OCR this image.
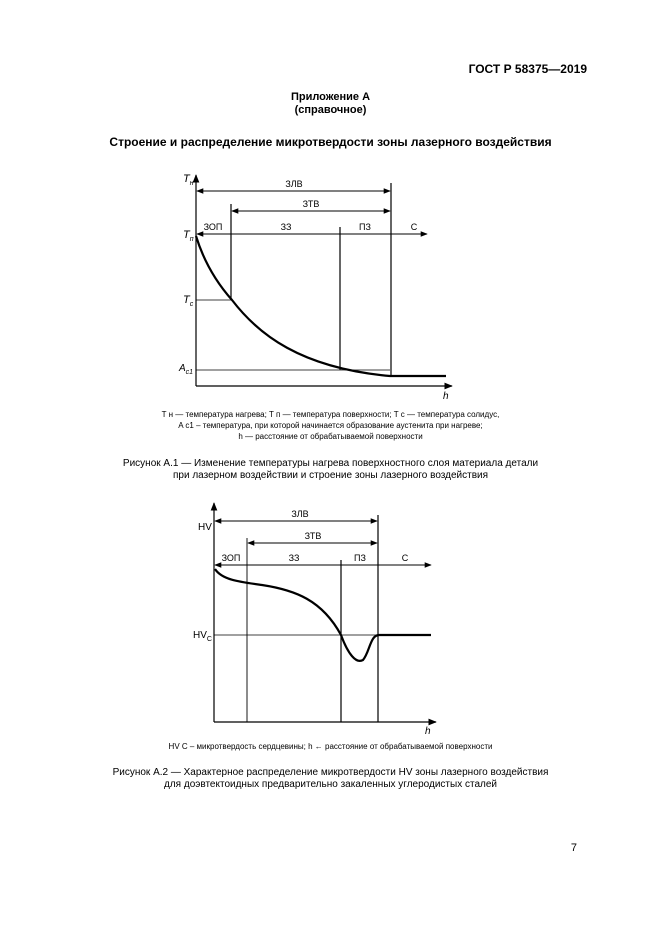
ГОСТ Р 58375—2019
Приложение А
(справочное)
Строение и распределение микротвердости зоны лазерного воздействия
$T_н$
$T_п$
$T_с$
$A_{c1}$
h
ЗЛВ
ЗТВ
ЗОП	ЗЗ	ПЗ	С
HV
$HV_С$
h
ЗЛВ
ЗТВ
ЗОП	ЗЗ	ПЗ	С
T н — температура нагрева; T п — температура поверхности; T с — температура солидус,
A с1 – температура, при которой начинается образование аустенита при нагреве;
h — расстояние от обрабатываемой поверхности
Рисунок А.1 — Изменение температуры нагрева поверхностного слоя материала детали
при лазерном воздействии и строение зоны лазерного воздействия
HV С – микротвердость сердцевины; h ← расстояние от обрабатываемой поверхности
Рисунок А.2 — Характерное распределение микротвердости HV зоны лазерного воздействия
для доэвтектоидных предварительно закаленных углеродистых сталей
7
